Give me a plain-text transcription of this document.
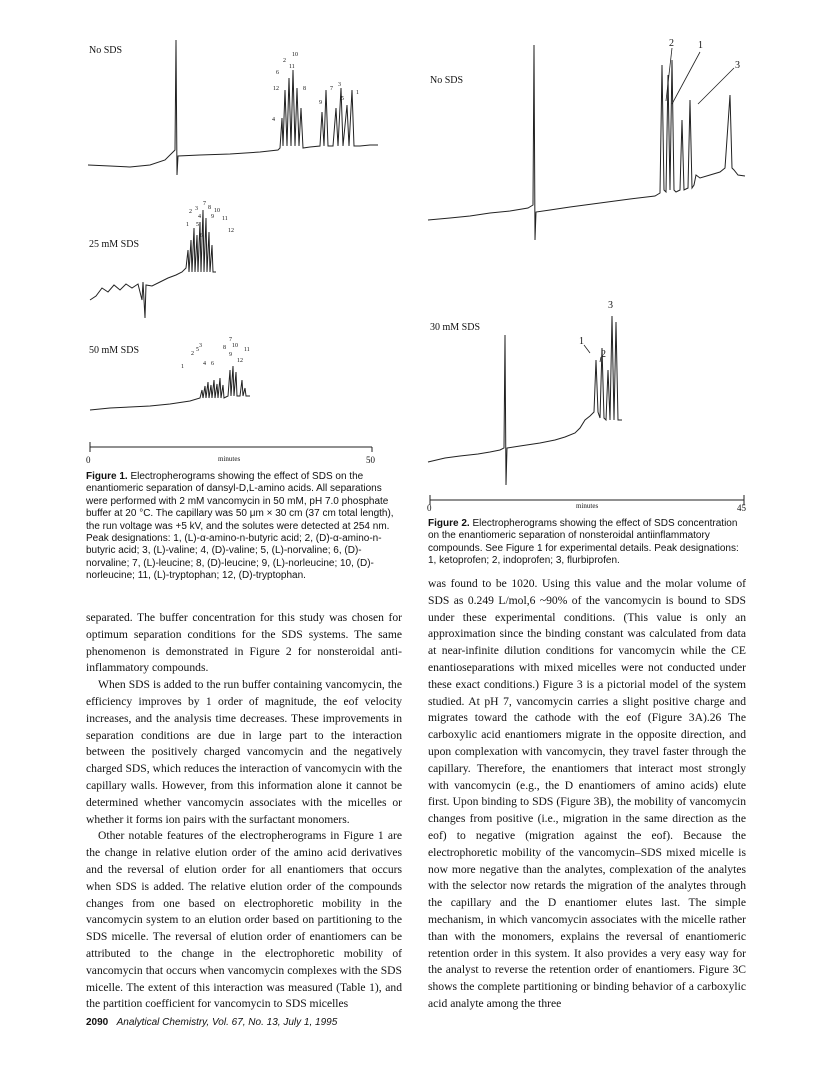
No SDS
25 mM SDS
50 mM SDS
10
2
11
6
12	8	7
3
9
5
1
4
7
8 10
2 3
4 9 11
1 5
12
6
7
3	8 10
2
5	11
1	4 6
9
12
0	minutes	50
Figure 1. Electropherograms showing the effect of SDS on the enantiomeric separation of dansyl-D,L-amino acids. All separations were performed with 2 mM vancomycin in 50 mM, pH 7.0 phosphate buffer at 20 °C. The capillary was 50 μm × 30 cm (37 cm total length), the run voltage was +5 kV, and the solutes were detected at 254 nm. Peak designations: 1, (L)-α-amino-n-butyric acid; 2, (D)-α-amino-n-butyric acid; 3, (L)-valine; 4, (D)-valine; 5, (L)-norvaline; 6, (D)-norvaline; 7, (L)-leucine; 8, (D)-leucine; 9, (L)-norleucine; 10, (D)-norleucine; 11, (L)-tryptophan; 12, (D)-tryptophan.
No SDS
30 mM SDS
2 1
3
1
2
3
0	minutes	45
Figure 2. Electropherograms showing the effect of SDS concentration on the enantiomeric separation of nonsteroidal antiinflammatory compounds. See Figure 1 for experimental details. Peak designations: 1, ketoprofen; 2, indoprofen; 3, flurbiprofen.

separated. The buffer concentration for this study was chosen for optimum separation conditions for the SDS systems. The same phenomenon is demonstrated in Figure 2 for nonsteroidal anti-inflammatory compounds.

When SDS is added to the run buffer containing vancomycin, the efficiency improves by 1 order of magnitude, the eof velocity increases, and the analysis time decreases. These improvements in separation conditions are due in large part to the interaction between the positively charged vancomycin and the negatively charged SDS, which reduces the interaction of vancomycin with the capillary walls. However, from this information alone it cannot be determined whether vancomycin associates with the micelles or whether it forms ion pairs with the surfactant monomers.

Other notable features of the electropherograms in Figure 1 are the change in relative elution order of the amino acid derivatives and the reversal of elution order for all enantiomers that occurs when SDS is added. The relative elution order of the compounds changes from one based on electrophoretic mobility in the vancomycin system to an elution order based on partitioning to the SDS micelle. The reversal of elution order of enantiomers can be attributed to the change in the electrophoretic mobility of vancomycin that occurs when vancomycin complexes with the SDS micelle. The extent of this interaction was measured (Table 1), and the partition coefficient for vancomycin to SDS micelles

was found to be 1020. Using this value and the molar volume of SDS as 0.249 L/mol,6 ~90% of the vancomycin is bound to SDS under these experimental conditions. (This value is only an approximation since the binding constant was calculated from data at near-infinite dilution conditions for vancomycin while the CE enantioseparations with mixed micelles were not conducted under these exact conditions.) Figure 3 is a pictorial model of the system studied. At pH 7, vancomycin carries a slight positive charge and migrates toward the cathode with the eof (Figure 3A).26 The carboxylic acid enantiomers migrate in the opposite direction, and upon complexation with vancomycin, they travel faster through the capillary. Therefore, the enantiomers that interact most strongly with vancomycin (e.g., the D enantiomers of amino acids) elute first. Upon binding to SDS (Figure 3B), the mobility of vancomycin changes from positive (i.e., migration in the same direction as the eof) to negative (migration against the eof). Because the electrophoretic mobility of the vancomycin–SDS mixed micelle is now more negative than the analytes, complexation of the analytes with the selector now retards the migration of the analytes through the capillary and the D enantiomer elutes last. The simple mechanism, in which vancomycin associates with the micelle rather than with the monomers, explains the reversal of enantiomeric retention order in this system. It also provides a very easy way for the analyst to reverse the retention order of enantiomers. Figure 3C shows the complete partitioning or binding behavior of a carboxylic acid analyte among the three

2090 Analytical Chemistry, Vol. 67, No. 13, July 1, 1995
